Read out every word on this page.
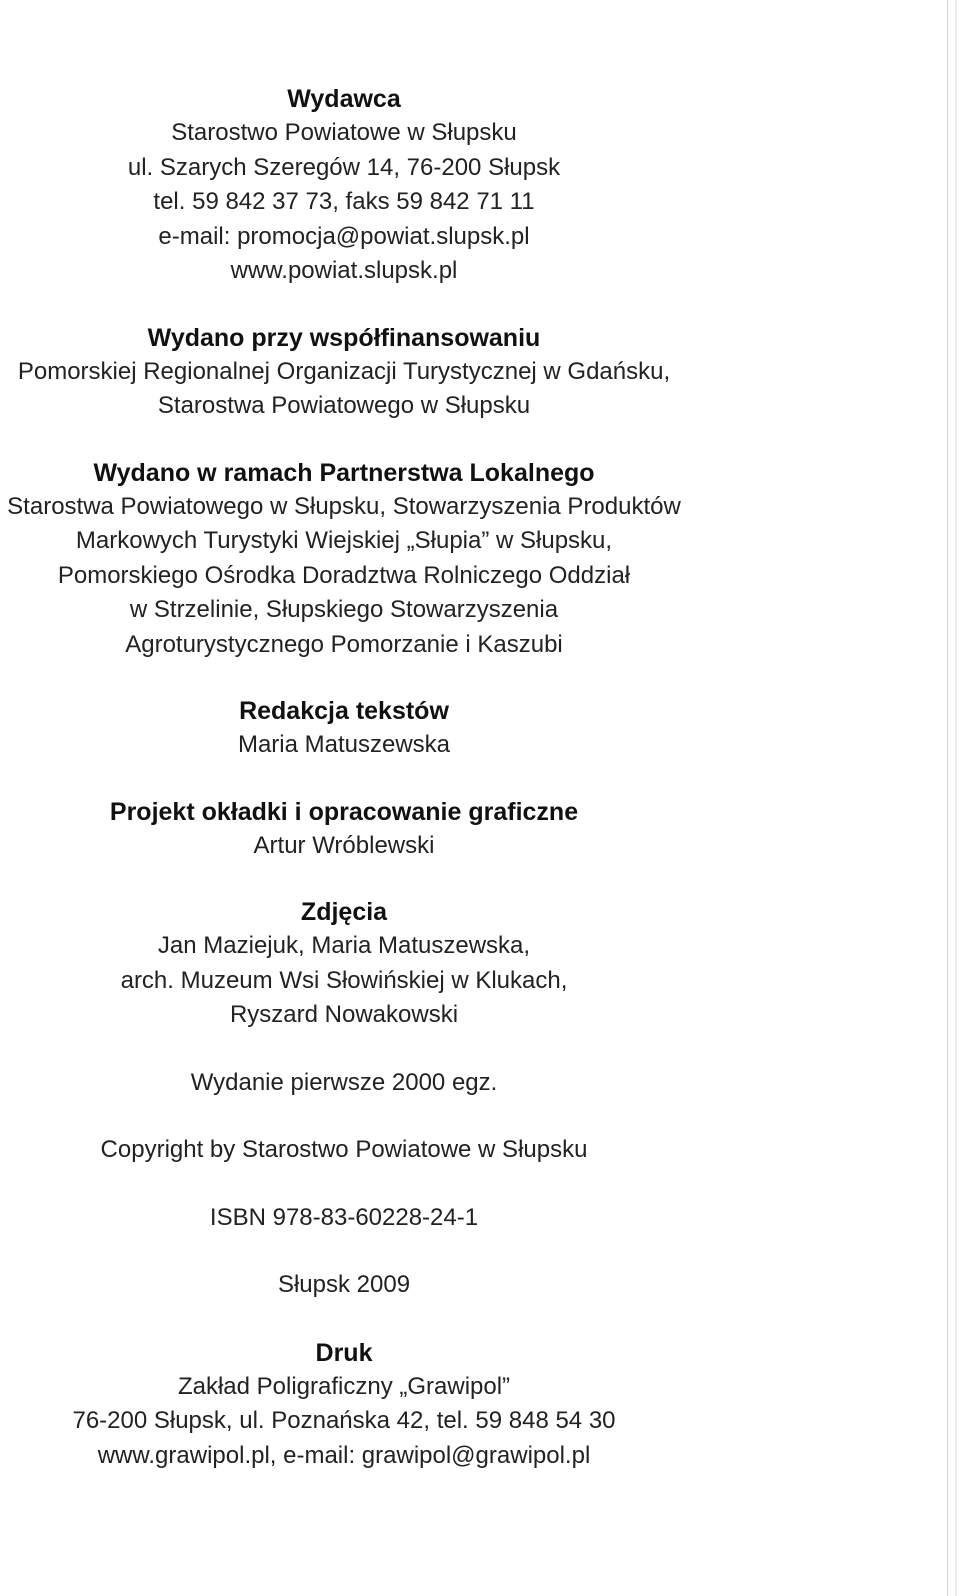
Wydawca

Starostwo Powiatowe w Słupsku

ul. Szarych Szeregów 14, 76-200 Słupsk

tel. 59 842 37 73, faks 59 842 71 11

e-mail: promocja@powiat.slupsk.pl

www.powiat.slupsk.pl

Wydano przy współfinansowaniu

Pomorskiej Regionalnej Organizacji Turystycznej w Gdańsku,

Starostwa Powiatowego w Słupsku

Wydano w ramach Partnerstwa Lokalnego

Starostwa Powiatowego w Słupsku, Stowarzyszenia Produktów

Markowych Turystyki Wiejskiej „Słupia” w Słupsku,

Pomorskiego Ośrodka Doradztwa Rolniczego Oddział

w Strzelinie, Słupskiego Stowarzyszenia

Agroturystycznego Pomorzanie i Kaszubi

Redakcja tekstów

Maria Matuszewska

Projekt okładki i opracowanie graficzne

Artur Wróblewski

Zdjęcia

Jan Maziejuk, Maria Matuszewska,

arch. Muzeum Wsi Słowińskiej w Klukach,

Ryszard Nowakowski

Wydanie pierwsze 2000 egz.

Copyright by Starostwo Powiatowe w Słupsku

ISBN 978-83-60228-24-1

Słupsk 2009

Druk

Zakład Poligraficzny „Grawipol”

76-200 Słupsk, ul. Poznańska 42, tel. 59 848 54 30

www.grawipol.pl, e-mail: grawipol@grawipol.pl
